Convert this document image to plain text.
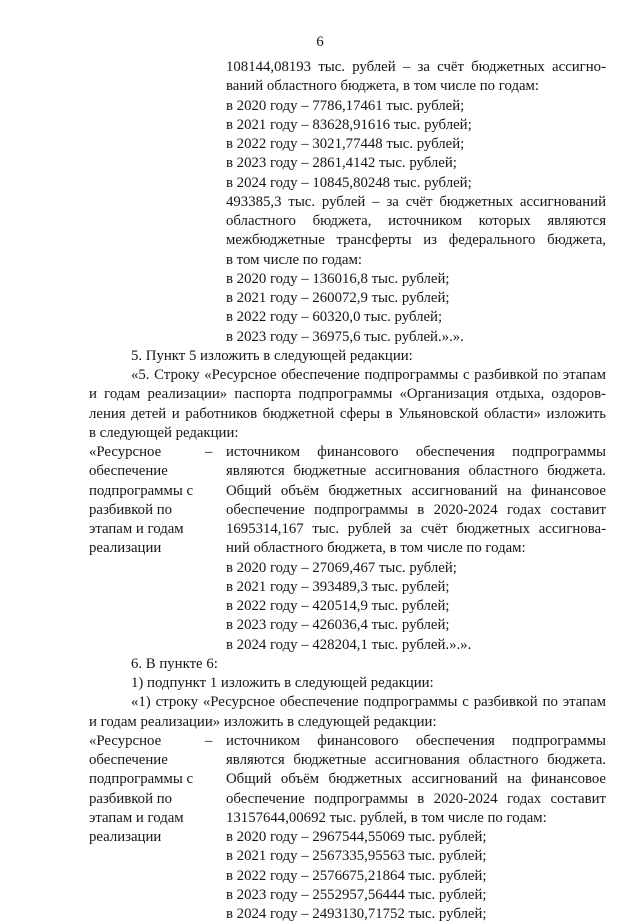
6
108144,08193 тыс. рублей – за счёт бюджетных ассигно-
ваний областного бюджета, в том числе по годам:
в 2020 году – 7786,17461 тыс. рублей;
в 2021 году – 83628,91616 тыс. рублей;
в 2022 году – 3021,77448 тыс. рублей;
в 2023 году – 2861,4142 тыс. рублей;
в 2024 году – 10845,80248 тыс. рублей;
493385,3 тыс. рублей – за счёт бюджетных ассигнований
областного бюджета, источником которых являются
межбюджетные трансферты из федерального бюджета,
в том числе по годам:
в 2020 году – 136016,8 тыс. рублей;
в 2021 году – 260072,9 тыс. рублей;
в 2022 году – 60320,0 тыс. рублей;
в 2023 году – 36975,6 тыс. рублей.».».
5. Пункт 5 изложить в следующей редакции:
«5. Строку «Ресурсное обеспечение подпрограммы с разбивкой по этапам
и годам реализации» паспорта подпрограммы «Организация отдыха, оздоров-
ления детей и работников бюджетной сферы в Ульяновской области» изложить
в следующей редакции:
«Ресурсное
обеспечение
подпрограммы с
разбивкой по
этапам и годам
реализации
– источником финансового обеспечения подпрограммы
являются бюджетные ассигнования областного бюджета.
Общий объём бюджетных ассигнований на финансовое
обеспечение подпрограммы в 2020-2024 годах составит
1695314,167 тыс. рублей за счёт бюджетных ассигнова-
ний областного бюджета, в том числе по годам:
в 2020 году – 27069,467 тыс. рублей;
в 2021 году – 393489,3 тыс. рублей;
в 2022 году – 420514,9 тыс. рублей;
в 2023 году – 426036,4 тыс. рублей;
в 2024 году – 428204,1 тыс. рублей.».».
6. В пункте 6:
1) подпункт 1 изложить в следующей редакции:
«1) строку «Ресурсное обеспечение подпрограммы с разбивкой по этапам
и годам реализации» изложить в следующей редакции:
«Ресурсное
обеспечение
подпрограммы с
разбивкой по
этапам и годам
реализации
– источником финансового обеспечения подпрограммы
являются бюджетные ассигнования областного бюджета.
Общий объём бюджетных ассигнований на финансовое
обеспечение подпрограммы в 2020-2024 годах составит
13157644,00692 тыс. рублей, в том числе по годам:
в 2020 году – 2967544,55069 тыс. рублей;
в 2021 году – 2567335,95563 тыс. рублей;
в 2022 году – 2576675,21864 тыс. рублей;
в 2023 году – 2552957,56444 тыс. рублей;
в 2024 году – 2493130,71752 тыс. рублей;
